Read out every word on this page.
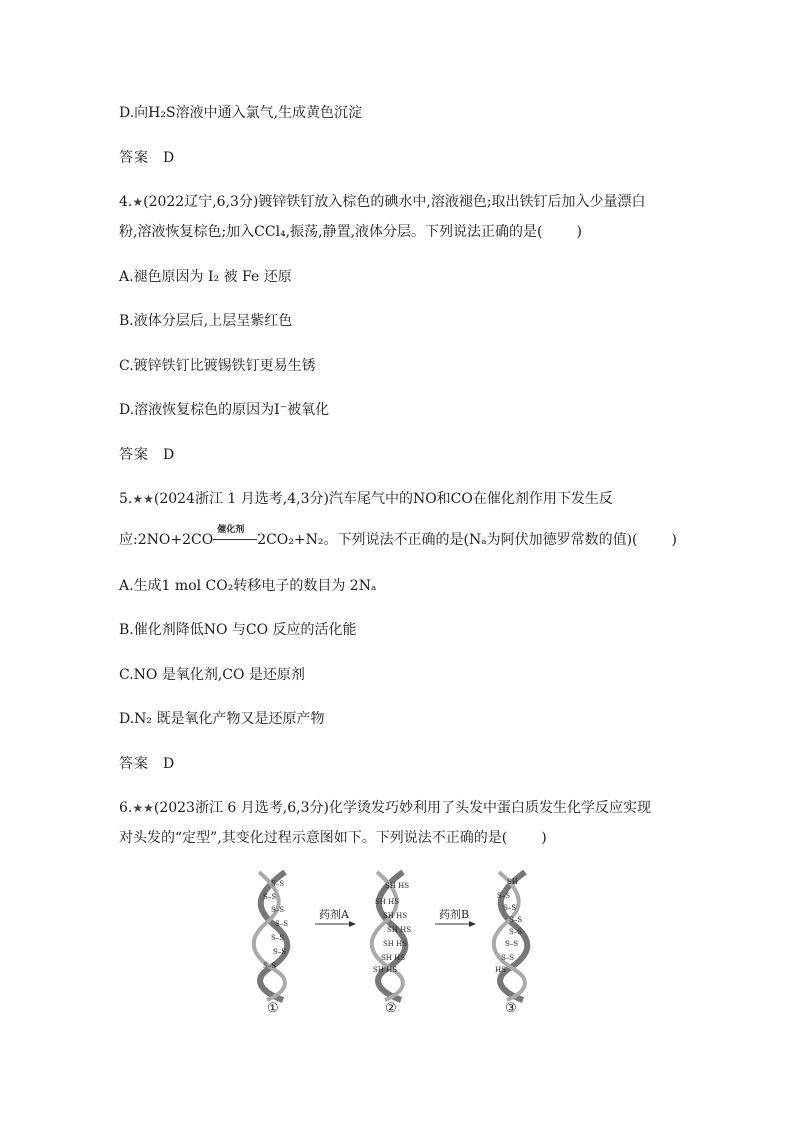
D.向H₂S溶液中通入氯气,生成黄色沉淀
答案 D
4.★(2022辽宁,6,3分)镀锌铁钉放入棕色的碘水中,溶液褪色;取出铁钉后加入少量漂白
粉,溶液恢复棕色;加入CCl₄,振荡,静置,液体分层。下列说法正确的是( )
A.褪色原因为 I₂ 被 Fe 还原
B.液体分层后,上层呈紫红色
C.镀锌铁钉比镀锡铁钉更易生锈
D.溶液恢复棕色的原因为I⁻被氧化
答案 D
5.★★(2024浙江 1 月选考,4,3分)汽车尾气中的NO和CO在催化剂作用下发生反
应:2NO+2CO
催化剂
2CO₂+N₂。下列说法不正确的是(Nₐ为阿伏加德罗常数的值)( )
A.生成1 mol CO₂转移电子的数目为 2Nₐ
B.催化剂降低NO 与CO 反应的活化能
C.NO 是氧化剂,CO 是还原剂
D.N₂ 既是氧化产物又是还原产物
答案 D
6.★★(2023浙江 6 月选考,6,3分)化学烫发巧妙利用了头发中蛋白质发生化学反应实现
对头发的“定型”,其变化过程示意图如下。下列说法不正确的是( )
S–S
S–S
S–S
S–S
S–S
S–S
S–S
药剂A
SH HS
SH HS
SH HS
SH HS
SH HS
SH HS
SH HS
药剂B
SH
S–S
S–S
S–S
S–S
S–S
S–S
HS
①	②	③
